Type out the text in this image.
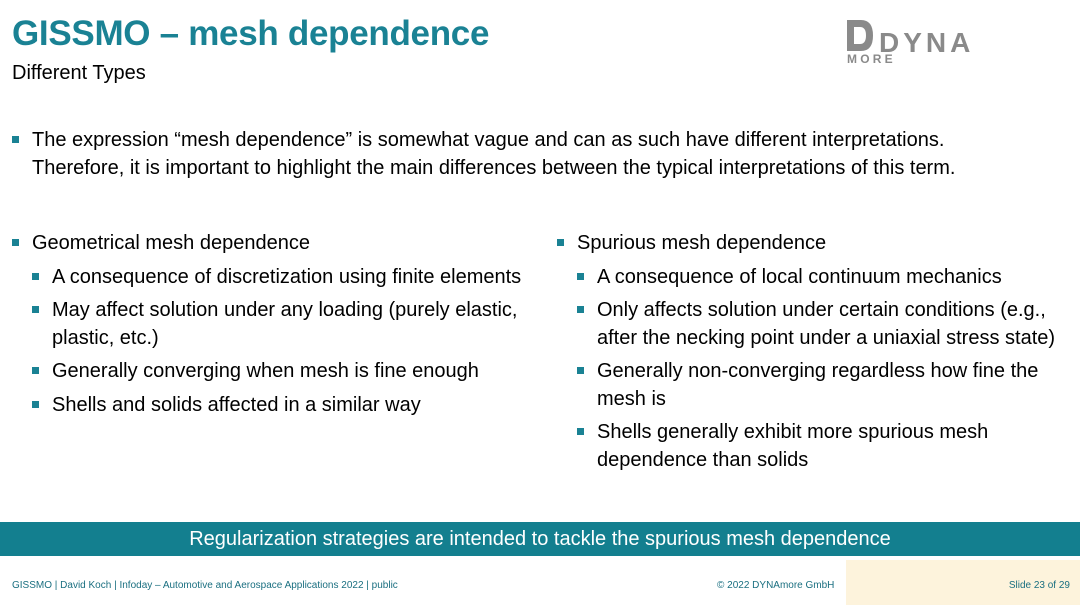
GISSMO – mesh dependence
Different Types
DYNA
MORE
The expression “mesh dependence” is somewhat vague and can as such have different interpretations. Therefore, it is important to highlight the main differences between the typical interpretations of this term.
Geometrical mesh dependence
A consequence of discretization using finite elements
May affect solution under any loading (purely elastic, plastic, etc.)
Generally converging when mesh is fine enough
Shells and solids affected in a similar way
Spurious mesh dependence
A consequence of local continuum mechanics
Only affects solution under certain conditions (e.g., after the necking point under a uniaxial stress state)
Generally non-converging regardless how fine the mesh is
Shells generally exhibit more spurious mesh dependence than solids
Regularization strategies are intended to tackle the spurious mesh dependence
GISSMO | David Koch | Infoday – Automotive and Aerospace Applications 2022 | public	© 2022 DYNAmore GmbH	Slide 23 of 29
